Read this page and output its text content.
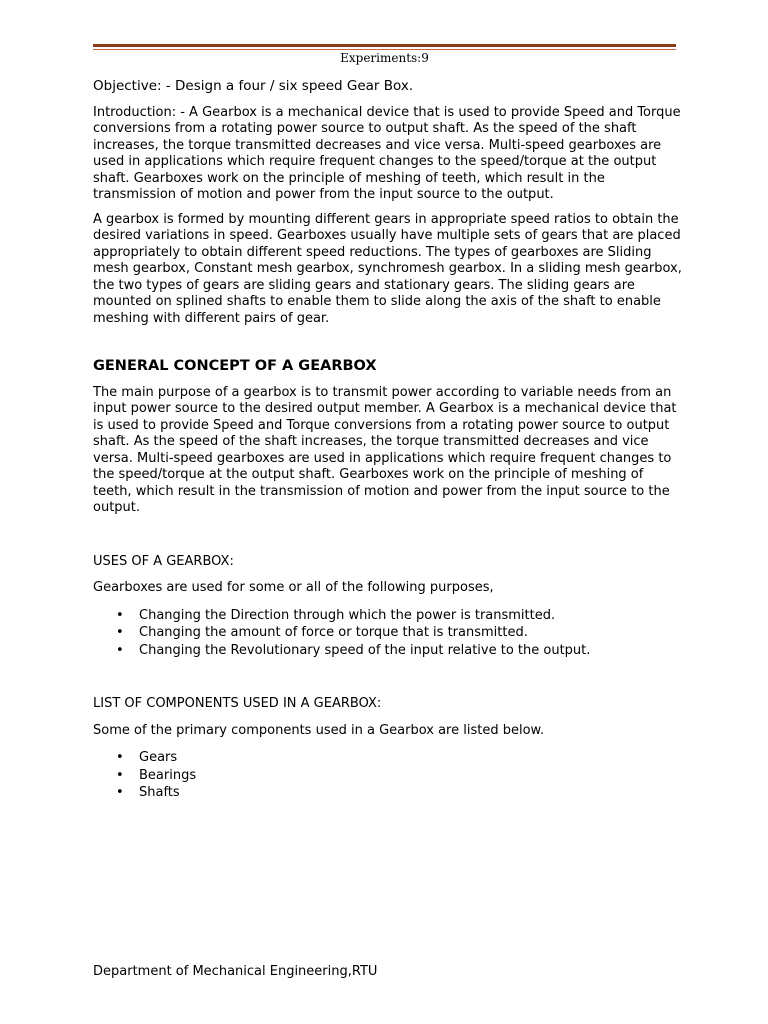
Experiments:9

Objective: - Design a four / six speed Gear Box.

Introduction: - A Gearbox is a mechanical device that is used to provide Speed and Torque conversions from a rotating power source to output shaft. As the speed of the shaft increases, the torque transmitted decreases and vice versa. Multi-speed gearboxes are used in applications which require frequent changes to the speed/torque at the output shaft. Gearboxes work on the principle of meshing of teeth, which result in the transmission of motion and power from the input source to the output.

A gearbox is formed by mounting different gears in appropriate speed ratios to obtain the desired variations in speed. Gearboxes usually have multiple sets of gears that are placed appropriately to obtain different speed reductions. The types of gearboxes are Sliding mesh gearbox, Constant mesh gearbox, synchromesh gearbox. In a sliding mesh gearbox, the two types of gears are sliding gears and stationary gears. The sliding gears are mounted on splined shafts to enable them to slide along the axis of the shaft to enable meshing with different pairs of gear.

GENERAL CONCEPT OF A GEARBOX

The main purpose of a gearbox is to transmit power according to variable needs from an input power source to the desired output member. A Gearbox is a mechanical device that is used to provide Speed and Torque conversions from a rotating power source to output shaft. As the speed of the shaft increases, the torque transmitted decreases and vice versa. Multi-speed gearboxes are used in applications which require frequent changes to the speed/torque at the output shaft. Gearboxes work on the principle of meshing of teeth, which result in the transmission of motion and power from the input source to the output.

USES OF A GEARBOX:

Gearboxes are used for some or all of the following purposes,

• Changing the Direction through which the power is transmitted.
• Changing the amount of force or torque that is transmitted.
• Changing the Revolutionary speed of the input relative to the output.

LIST OF COMPONENTS USED IN A GEARBOX:

Some of the primary components used in a Gearbox are listed below.

• Gears
• Bearings
• Shafts
Department of Mechanical Engineering,RTU
